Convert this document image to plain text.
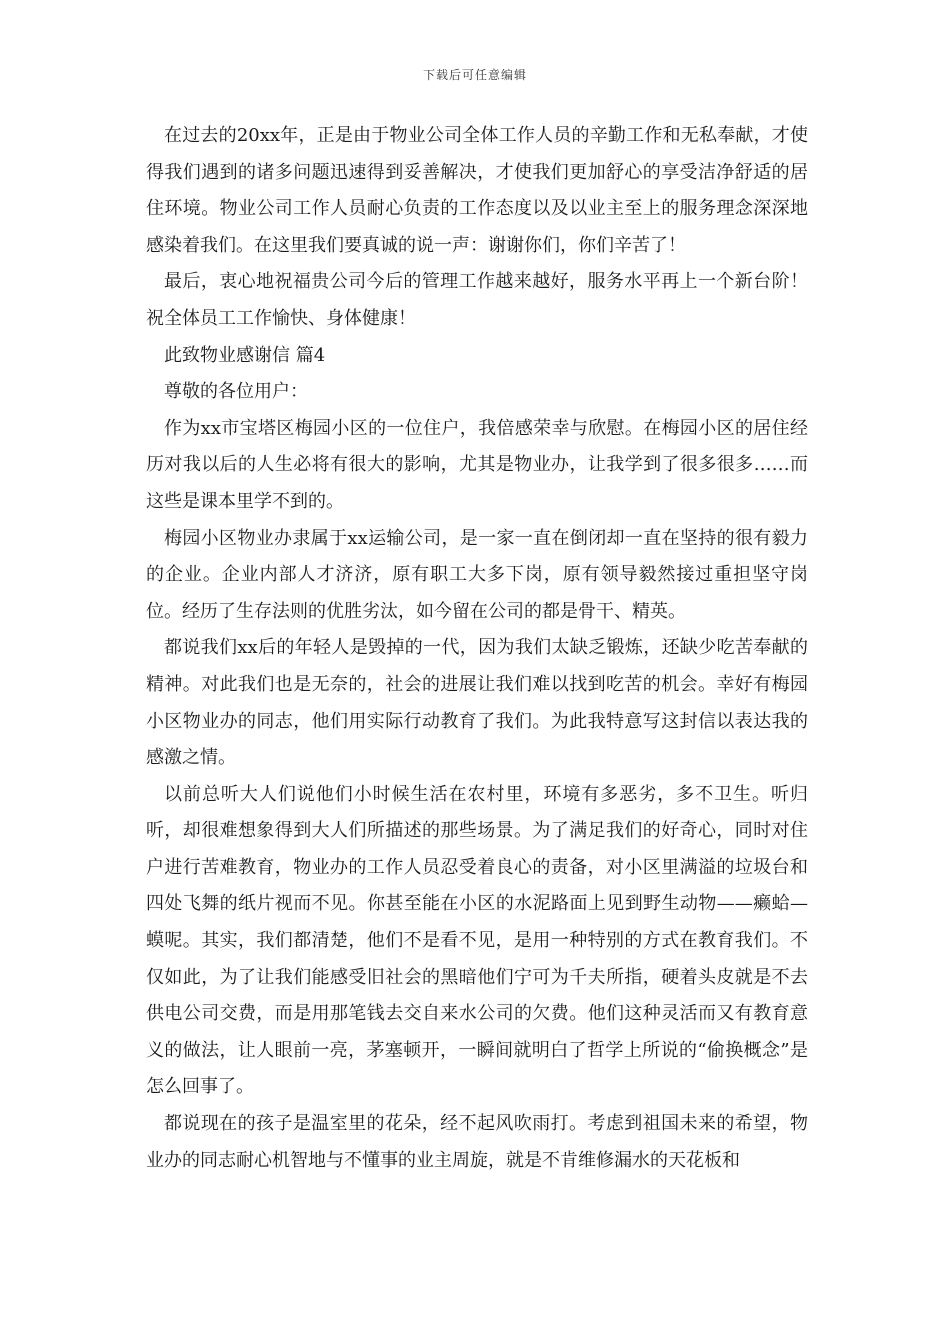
下载后可任意编辑

在过去的20xx年，正是由于物业公司全体工作人员的辛勤工作和无私奉献，才使得我们遇到的诸多问题迅速得到妥善解决，才使我们更加舒心的享受洁净舒适的居住环境。物业公司工作人员耐心负责的工作态度以及以业主至上的服务理念深深地感染着我们。在这里我们要真诚的说一声：谢谢你们，你们辛苦了！

最后，衷心地祝福贵公司今后的管理工作越来越好，服务水平再上一个新台阶！祝全体员工工作愉快、身体健康！

此致物业感谢信 篇4

尊敬的各位用户：

作为xx市宝塔区梅园小区的一位住户，我倍感荣幸与欣慰。在梅园小区的居住经历对我以后的人生必将有很大的影响，尤其是物业办，让我学到了很多很多……而这些是课本里学不到的。

梅园小区物业办隶属于xx运输公司，是一家一直在倒闭却一直在坚持的很有毅力的企业。企业内部人才济济，原有职工大多下岗，原有领导毅然接过重担坚守岗位。经历了生存法则的优胜劣汰，如今留在公司的都是骨干、精英。

都说我们xx后的年轻人是毁掉的一代，因为我们太缺乏锻炼，还缺少吃苦奉献的精神。对此我们也是无奈的，社会的进展让我们难以找到吃苦的机会。幸好有梅园小区物业办的同志，他们用实际行动教育了我们。为此我特意写这封信以表达我的感激之情。

以前总听大人们说他们小时候生活在农村里，环境有多恶劣，多不卫生。听归听，却很难想象得到大人们所描述的那些场景。为了满足我们的好奇心，同时对住户进行苦难教育，物业办的工作人员忍受着良心的责备，对小区里满溢的垃圾台和四处飞舞的纸片视而不见。你甚至能在小区的水泥路面上见到野生动物——癞蛤—蟆呢。其实，我们都清楚，他们不是看不见，是用一种特别的方式在教育我们。不仅如此，为了让我们能感受旧社会的黑暗他们宁可为千夫所指，硬着头皮就是不去供电公司交费，而是用那笔钱去交自来水公司的欠费。他们这种灵活而又有教育意义的做法，让人眼前一亮，茅塞顿开，一瞬间就明白了哲学上所说的“偷换概念”是怎么回事了。

都说现在的孩子是温室里的花朵，经不起风吹雨打。考虑到祖国未来的希望，物业办的同志耐心机智地与不懂事的业主周旋，就是不肯维修漏水的天花板和
